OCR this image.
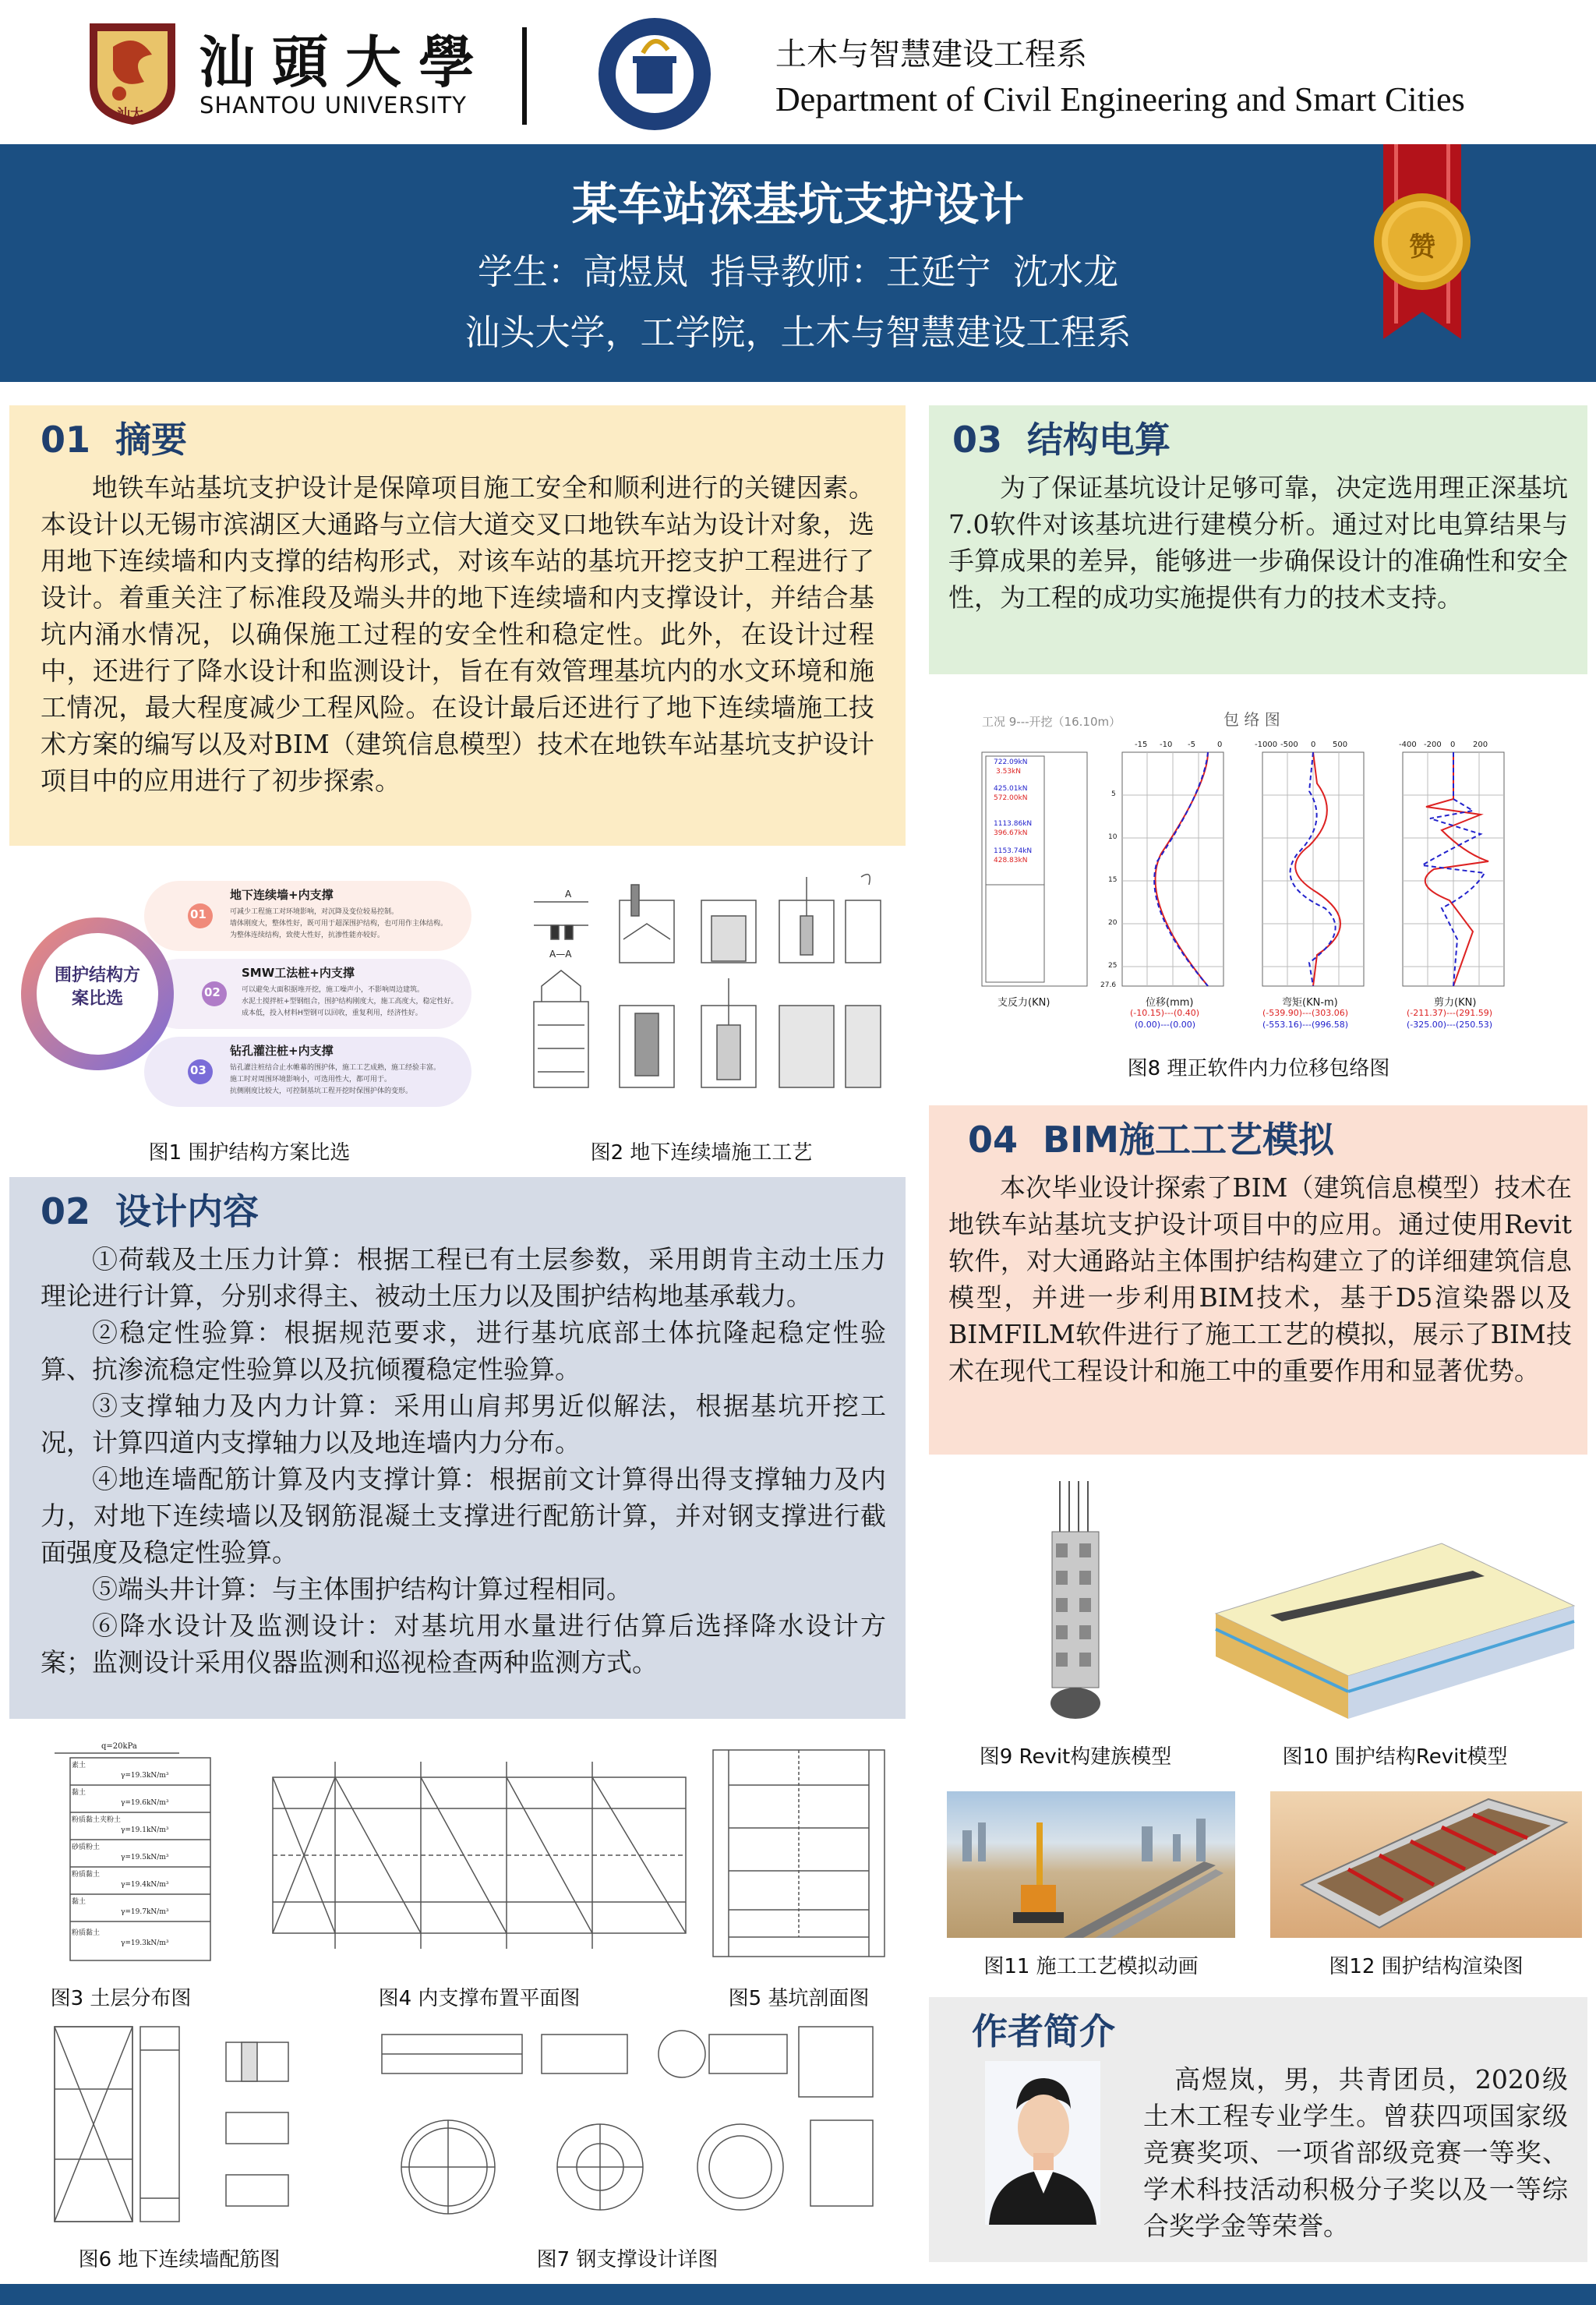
汕大
汕頭大學
SHANTOU UNIVERSITY
土木与智慧建设工程系
Department of Civil Engineering and Smart Cities
某车站深基坑支护设计
学生：高煜岚  指导教师：王延宁  沈水龙
汕头大学，工学院，土木与智慧建设工程系
赞
01  摘要
地铁车站基坑支护设计是保障项目施工安全和顺利进行的关键因素。本设计以无锡市滨湖区大通路与立信大道交叉口地铁车站为设计对象，选用地下连续墙和内支撑的结构形式，对该车站的基坑开挖支护工程进行了设计。着重关注了标准段及端头井的地下连续墙和内支撑设计，并结合基坑内涌水情况，以确保施工过程的安全性和稳定性。此外，在设计过程中，还进行了降水设计和监测设计，旨在有效管理基坑内的水文环境和施工情况，最大程度减少工程风险。在设计最后还进行了地下连续墙施工技术方案的编写以及对BIM（建筑信息模型）技术在地铁车站基坑支护设计项目中的应用进行了初步探索。
围护结构方案比选
01
02
03
地下连续墙+内支撑
可减少工程施工对环境影响，对沉降及变位较易控制。
墙体刚度大，整体性好，既可用于超深围护结构，也可用作主体结构。
为整体连续结构，致使大性好，抗渗性能亦较好。
SMW工法桩+内支撑
可以避免大面积据堆开挖，施工噪声小，不影响周边建筑。
水泥土搅拌桩+型钢组合，围护结构刚度大，施工高度大，稳定性好。
成本低，投入材料H型钢可以回收，重复利用，经济性好。
钻孔灌注桩+内支撑
钻孔灌注桩结合止水帷幕的围护体，施工工艺成熟，施工经验丰富。
施工时对周围环境影响小，可选用性大，都可用于。
抗侧刚度比较大，可控制基坑工程开挖时保围护体的变形。
图1 围护结构方案比选
A
A—A
图2 地下连续墙施工工艺
02  设计内容
①荷载及土压力计算：根据工程已有土层参数，采用朗肯主动土压力理论进行计算，分别求得主、被动土压力以及围护结构地基承载力。
②稳定性验算：根据规范要求，进行基坑底部土体抗隆起稳定性验算、抗渗流稳定性验算以及抗倾覆稳定性验算。
③支撑轴力及内力计算：采用山肩邦男近似解法，根据基坑开挖工况，计算四道内支撑轴力以及地连墙内力分布。
④地连墙配筋计算及内支撑计算：根据前文计算得出得支撑轴力及内力，对地下连续墙以及钢筋混凝土支撑进行配筋计算，并对钢支撑进行截面强度及稳定性验算。
⑤端头井计算：与主体围护结构计算过程相同。
⑥降水设计及监测设计：对基坑用水量进行估算后选择降水设计方案；监测设计采用仪器监测和巡视检查两种监测方式。
q=20kPa
素土
γ=19.3kN/m³
黏土
γ=19.6kN/m³
粉质黏土夹粉土
γ=19.1kN/m³
砂质粉土
γ=19.5kN/m³
粉质黏土
γ=19.4kN/m³
黏土
γ=19.7kN/m³
粉质黏土
γ=19.3kN/m³
图3 土层分布图	图4 内支撑布置平面图	图5 基坑剖面图
图6 地下连续墙配筋图	图7 钢支撑设计详图
03  结构电算
为了保证基坑设计足够可靠，决定选用理正深基坑7.0软件对该基坑进行建模分析。通过对比电算结果与手算成果的差异，能够进一步确保设计的准确性和安全性，为工程的成功实施提供有力的技术支持。
工况 9---开挖（16.10m）	包 络 图
722.09kN
3.53kN
425.01kN
572.00kN
1113.86kN
396.67kN
1153.74kN
428.83kN
-15 -10 -5	0	-1000 -500 0 500	-400 -200 0 200
5
10
15
20
25
27.6
支反力(KN)	位移(mm)
(-10.15)---(0.40)
(0.00)---(0.00)
弯矩(KN-m)
(-539.90)---(303.06)
(-553.16)---(996.58)
剪力(KN)
(-211.37)---(291.59)
(-325.00)---(250.53)
图8 理正软件内力位移包络图
04  BIM施工工艺模拟
本次毕业设计探索了BIM（建筑信息模型）技术在地铁车站基坑支护设计项目中的应用。通过使用Revit软件，对大通路站主体围护结构建立了的详细建筑信息模型，并进一步利用BIM技术，基于D5渲染器以及BIMFILM软件进行了施工工艺的模拟，展示了BIM技术在现代工程设计和施工中的重要作用和显著优势。
图9 Revit构建族模型	图10 围护结构Revit模型
图11 施工工艺模拟动画	图12 围护结构渲染图
作者简介
高煜岚，男，共青团员，2020级土木工程专业学生。曾获四项国家级竞赛奖项、一项省部级竞赛一等奖、学术科技活动积极分子奖以及一等综合奖学金等荣誉。
